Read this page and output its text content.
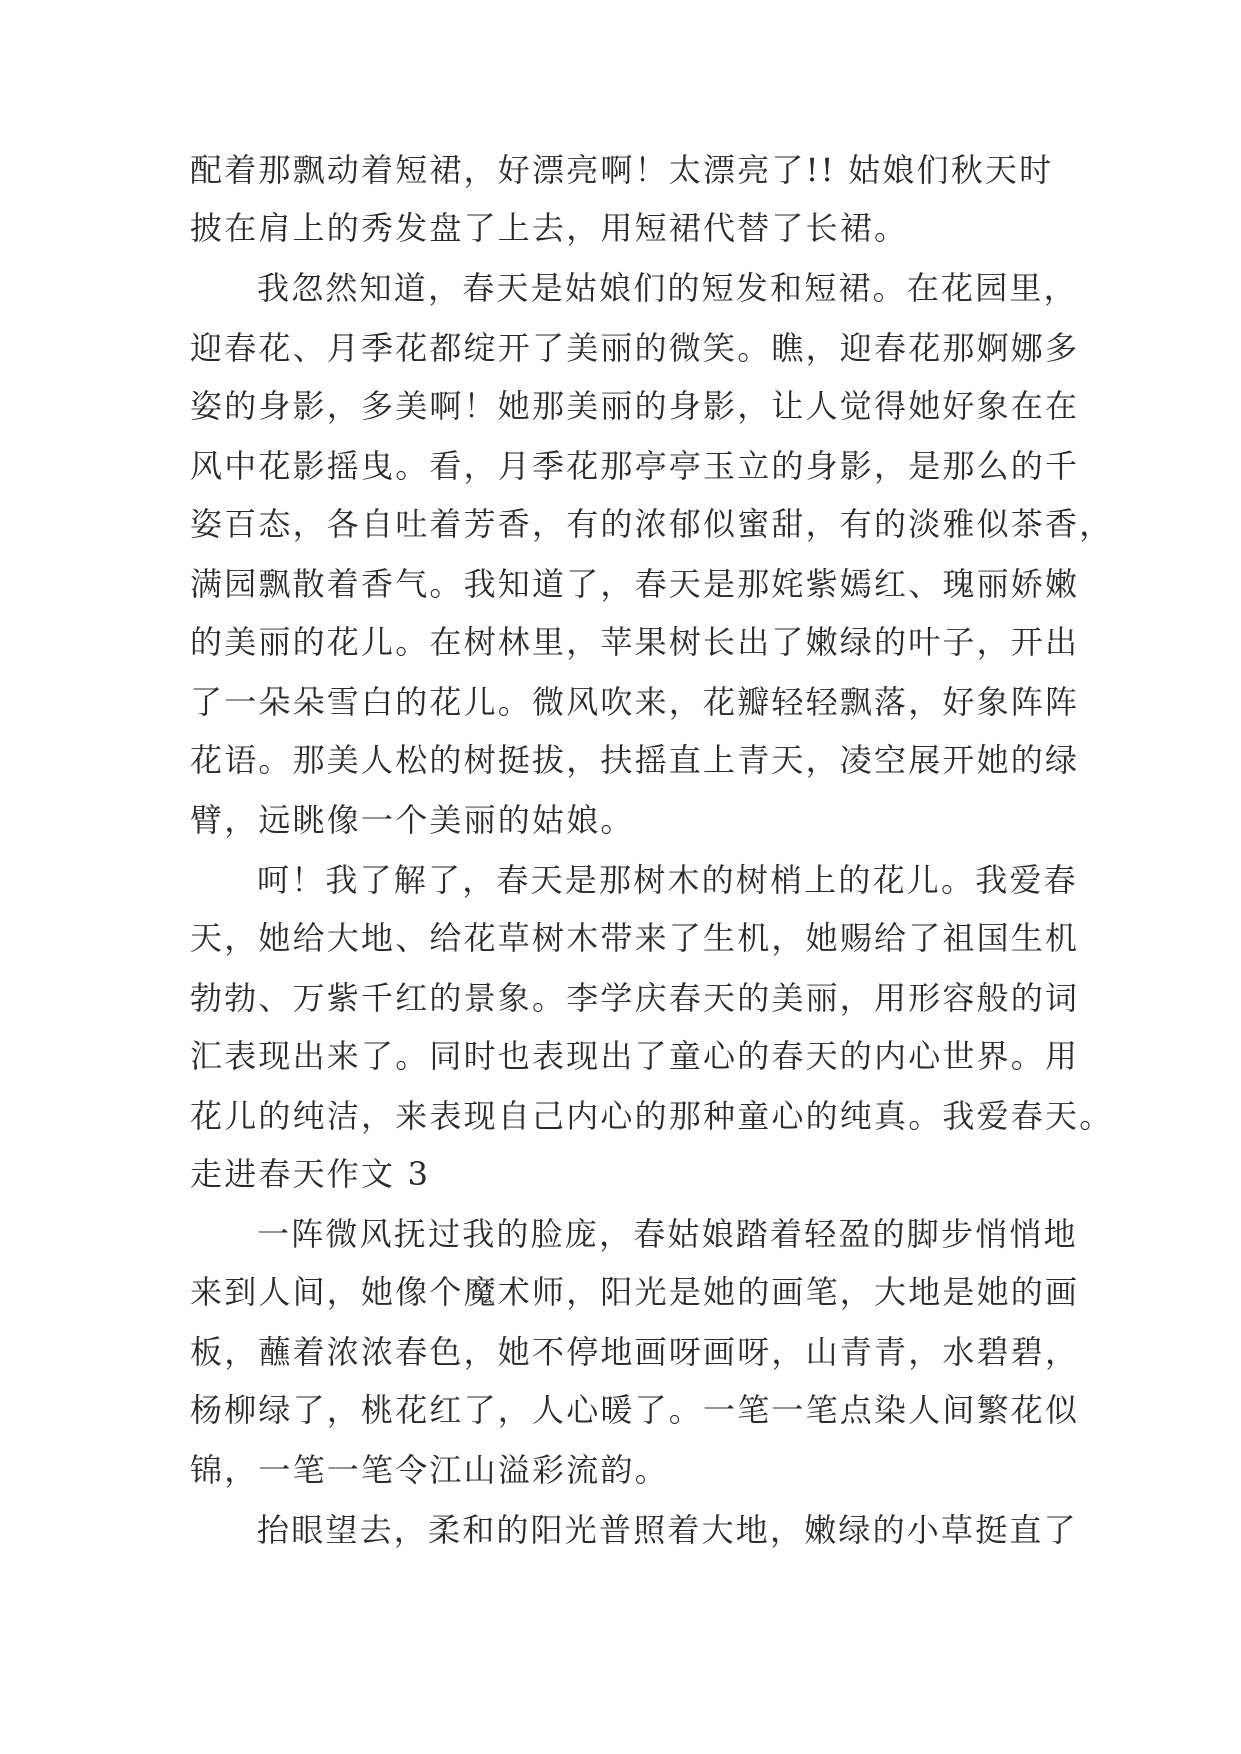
配着那飘动着短裙，好漂亮啊！太漂亮了!! 姑娘们秋天时
披在肩上的秀发盘了上去，用短裙代替了长裙。
我忽然知道，春天是姑娘们的短发和短裙。在花园里，
迎春花、月季花都绽开了美丽的微笑。瞧，迎春花那婀娜多
姿的身影，多美啊！她那美丽的身影，让人觉得她好象在在
风中花影摇曳。看，月季花那亭亭玉立的身影，是那么的千
姿百态，各自吐着芳香，有的浓郁似蜜甜，有的淡雅似茶香，
满园飘散着香气。我知道了，春天是那姹紫嫣红、瑰丽娇嫩
的美丽的花儿。在树林里，苹果树长出了嫩绿的叶子，开出
了一朵朵雪白的花儿。微风吹来，花瓣轻轻飘落，好象阵阵
花语。那美人松的树挺拔，扶摇直上青天，凌空展开她的绿
臂，远眺像一个美丽的姑娘。
呵！我了解了，春天是那树木的树梢上的花儿。我爱春
天，她给大地、给花草树木带来了生机，她赐给了祖国生机
勃勃、万紫千红的景象。李学庆春天的美丽，用形容般的词
汇表现出来了。同时也表现出了童心的春天的内心世界。用
花儿的纯洁，来表现自己内心的那种童心的纯真。我爱春天。
走进春天作文 3
一阵微风抚过我的脸庞，春姑娘踏着轻盈的脚步悄悄地
来到人间，她像个魔术师，阳光是她的画笔，大地是她的画
板，蘸着浓浓春色，她不停地画呀画呀，山青青，水碧碧，
杨柳绿了，桃花红了，人心暖了。一笔一笔点染人间繁花似
锦，一笔一笔令江山溢彩流韵。
抬眼望去，柔和的阳光普照着大地，嫩绿的小草挺直了
